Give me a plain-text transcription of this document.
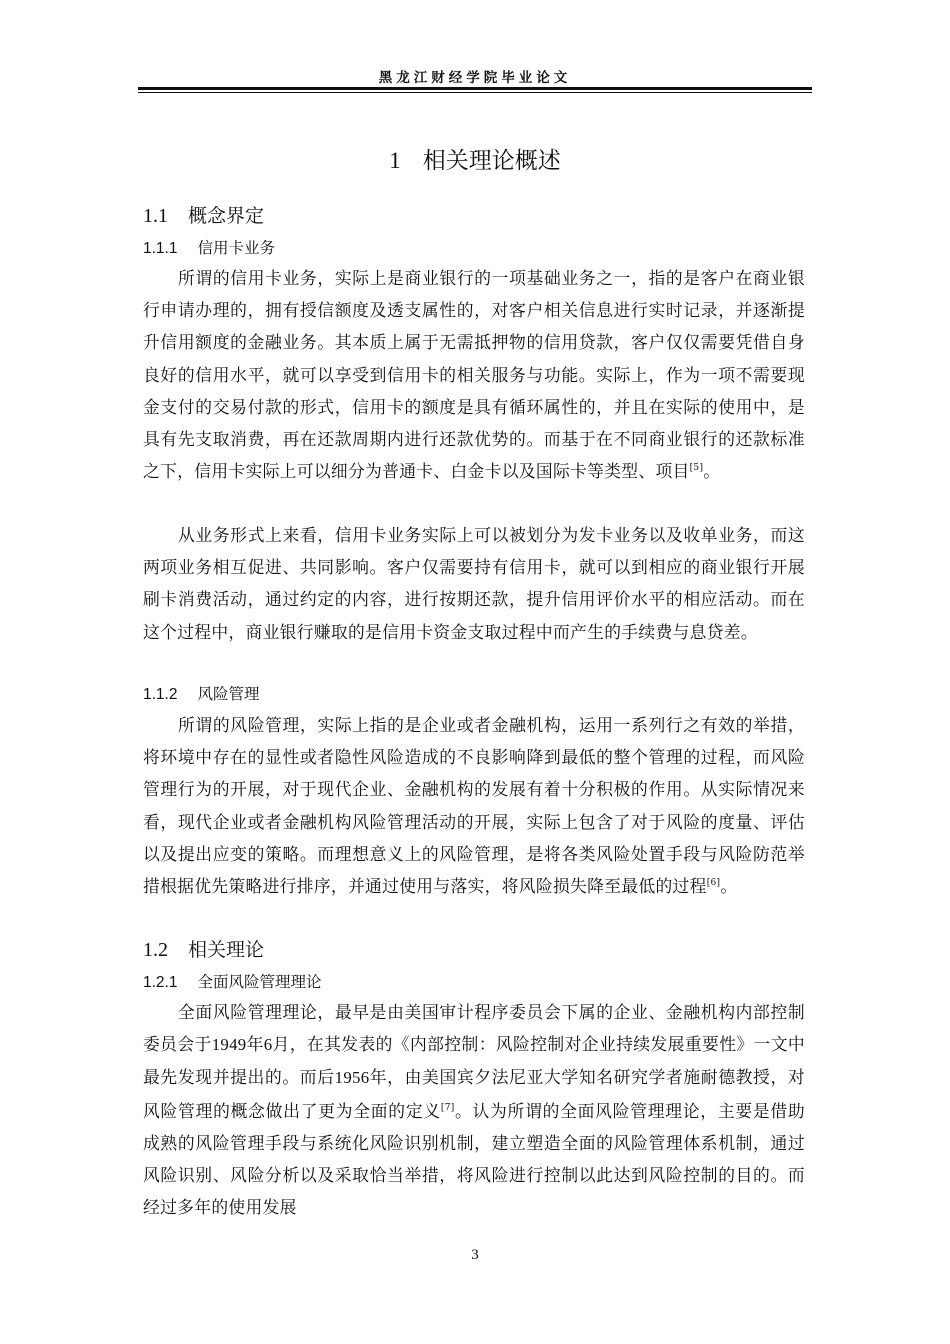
黑龙江财经学院毕业论文
1 相关理论概述
1.1 概念界定
1.1.1 信用卡业务

所谓的信用卡业务，实际上是商业银行的一项基础业务之一，指的是客户在商业银行申请办理的，拥有授信额度及透支属性的，对客户相关信息进行实时记录，并逐渐提升信用额度的金融业务。其本质上属于无需抵押物的信用贷款，客户仅仅需要凭借自身良好的信用水平，就可以享受到信用卡的相关服务与功能。实际上，作为一项不需要现金支付的交易付款的形式，信用卡的额度是具有循环属性的，并且在实际的使用中，是具有先支取消费，再在还款周期内进行还款优势的。而基于在不同商业银行的还款标准之下，信用卡实际上可以细分为普通卡、白金卡以及国际卡等类型、项目[5]。

从业务形式上来看，信用卡业务实际上可以被划分为发卡业务以及收单业务，而这两项业务相互促进、共同影响。客户仅需要持有信用卡，就可以到相应的商业银行开展刷卡消费活动，通过约定的内容，进行按期还款，提升信用评价水平的相应活动。而在这个过程中，商业银行赚取的是信用卡资金支取过程中而产生的手续费与息贷差。

1.1.2 风险管理

所谓的风险管理，实际上指的是企业或者金融机构，运用一系列行之有效的举措，将环境中存在的显性或者隐性风险造成的不良影响降到最低的整个管理的过程，而风险管理行为的开展，对于现代企业、金融机构的发展有着十分积极的作用。从实际情况来看，现代企业或者金融机构风险管理活动的开展，实际上包含了对于风险的度量、评估以及提出应变的策略。而理想意义上的风险管理，是将各类风险处置手段与风险防范举措根据优先策略进行排序，并通过使用与落实，将风险损失降至最低的过程[6]。

1.2 相关理论
1.2.1 全面风险管理理论

全面风险管理理论，最早是由美国审计程序委员会下属的企业、金融机构内部控制委员会于1949年6月，在其发表的《内部控制：风险控制对企业持续发展重要性》一文中最先发现并提出的。而后1956年，由美国宾夕法尼亚大学知名研究学者施耐德教授，对风险管理的概念做出了更为全面的定义[7]。认为所谓的全面风险管理理论，主要是借助成熟的风险管理手段与系统化风险识别机制，建立塑造全面的风险管理体系机制，通过风险识别、风险分析以及采取恰当举措，将风险进行控制以此达到风险控制的目的。而经过多年的使用发展

3
